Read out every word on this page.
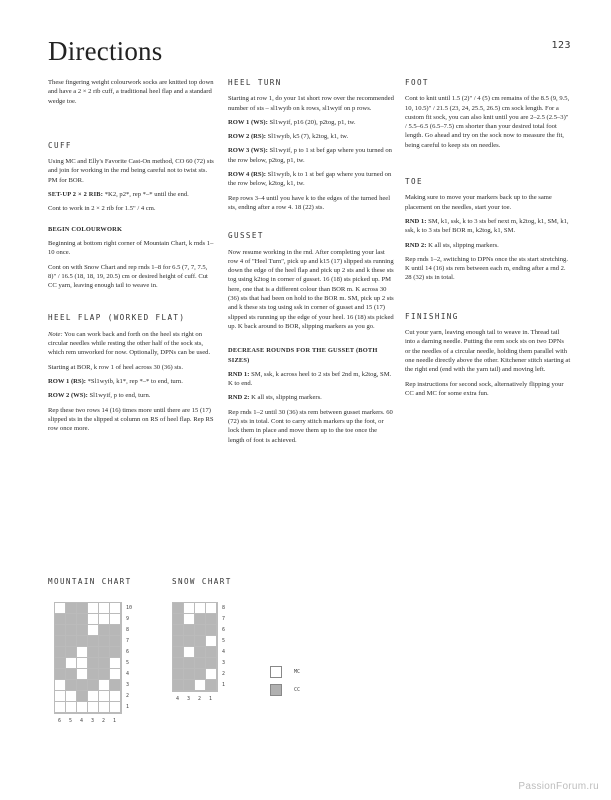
Directions	123

These fingering weight colourwork socks are knitted top down and have a 2 × 2 rib cuff, a traditional heel flap and a standard wedge toe.

CUFF

Using MC and Elly's Favorite Cast-On method, CO 60 (72) sts and join for working in the rnd being careful not to twist sts. PM for BOR.

SET-UP 2 × 2 RIB: *K2, p2*, rep *–* until the end.

Cont to work in 2 × 2 rib for 1.5" / 4 cm.

BEGIN COLOURWORK

Beginning at bottom right corner of Mountain Chart, k rnds 1–10 once.

Cont on with Snow Chart and rep rnds 1–8 for 6.5 (7, 7, 7.5, 8)" / 16.5 (18, 18, 19, 20.5) cm or desired height of cuff. Cut CC yarn, leaving enough tail to weave in.

HEEL FLAP (WORKED FLAT)

Note: You can work back and forth on the heel sts right on circular needles while resting the other half of the sock sts, which rem unworked for now. Optionally, DPNs can be used.

Starting at BOR, k row 1 of heel across 30 (36) sts.

ROW 1 (RS): *Sl1wyib, k1*, rep *–* to end, turn.

ROW 2 (WS): Sl1wyif, p to end, turn.

Rep these two rows 14 (16) times more until there are 15 (17) slipped sts in the slipped st column on RS of heel flap. Rep RS row once more.

HEEL TURN

Starting at row 1, do your 1st short row over the recommended number of sts – sl1wyib on k rows, sl1wyif on p rows.

ROW 1 (WS): Sl1wyif, p16 (20), p2tog, p1, tw.

ROW 2 (RS): Sl1wyib, k5 (7), k2tog, k1, tw.

ROW 3 (WS): Sl1wyif, p to 1 st bef gap where you turned on the row below, p2tog, p1, tw.

ROW 4 (RS): Sl1wyib, k to 1 st bef gap where you turned on the row below, k2tog, k1, tw.

Rep rows 3–4 until you have k to the edges of the turned heel sts, ending after a row 4. 18 (22) sts.

GUSSET

Now resume working in the rnd. After completing your last row 4 of "Heel Turn", pick up and k15 (17) slipped sts running down the edge of the heel flap and pick up 2 sts and k these sts tog using k2tog in corner of gusset. 16 (18) sts picked up. PM here, one that is a different colour than BOR m. K across 30 (36) sts that had been on hold to the BOR m. SM, pick up 2 sts and k these sts tog using ssk in corner of gusset and 15 (17) slipped sts running up the edge of your heel. 16 (18) sts picked up. K back around to BOR, slipping markers as you go.

DECREASE ROUNDS FOR THE GUSSET (BOTH SIZES)

RND 1: SM, ssk, k across heel to 2 sts bef 2nd m, k2tog, SM. K to end.

RND 2: K all sts, slipping markers.

Rep rnds 1–2 until 30 (36) sts rem between gusset markers. 60 (72) sts in total. Cont to carry stitch markers up the foot, or lock them in place and move them up to the toe once the length of foot is achieved.

FOOT

Cont to knit until 1.5 (2)" / 4 (5) cm remains of the 8.5 (9, 9.5, 10, 10.5)" / 21.5 (23, 24, 25.5, 26.5) cm sock length. For a custom fit sock, you can also knit until you are 2–2.5 (2.5–3)" / 5.5–6.5 (6.5–7.5) cm shorter than your desired total foot length. Go ahead and try on the sock now to measure the fit, being careful to keep sts on needles.

TOE

Making sure to move your markers back up to the same placement on the needles, start your toe.

RND 1: SM, k1, ssk, k to 3 sts bef next m, k2tog, k1, SM, k1, ssk, k to 3 sts bef BOR m, k2tog, k1, SM.

RND 2: K all sts, slipping markers.

Rep rnds 1–2, switching to DPNs once the sts start stretching. K until 14 (16) sts rem between each m, ending after a rnd 2. 28 (32) sts in total.

FINISHING

Cut your yarn, leaving enough tail to weave in. Thread tail into a darning needle. Putting the rem sock sts on two DPNs or the needles of a circular needle, holding them parallel with one needle directly above the other. Kitchener stitch starting at the right end (end with the yarn tail) and moving left.

Rep instructions for second sock, alternatively flipping your CC and MC for some extra fun.

MOUNTAIN CHART	SNOW CHART
10
9
8
7
6
5
4
3
2
1
6 5 4 3 2 1
8
7
6
5
4
3
2
1
4 3 2 1
MC
CC
PassionForum.ru
